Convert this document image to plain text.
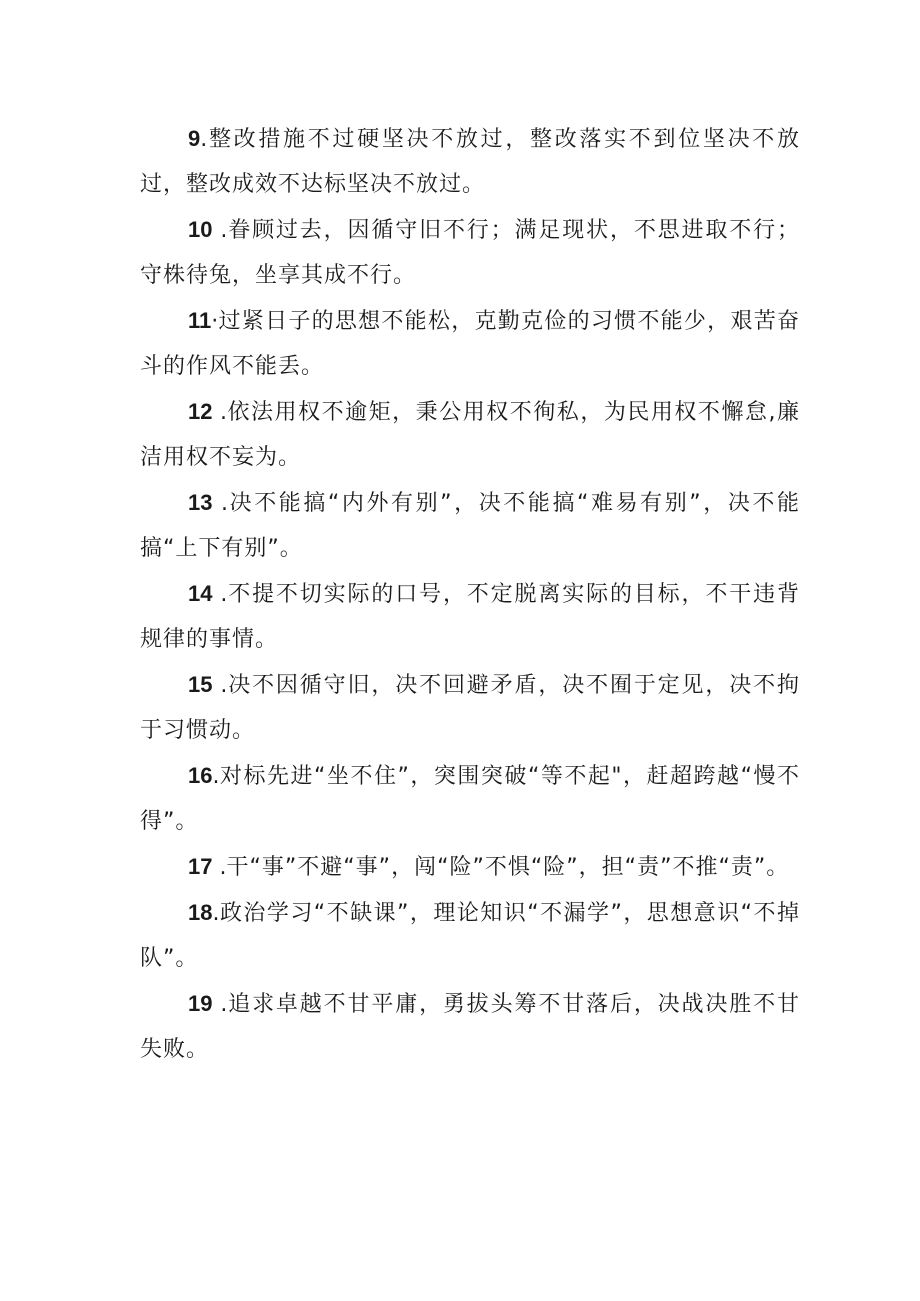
9.整改措施不过硬坚决不放过，整改落实不到位坚决不放过，整改成效不达标坚决不放过。

10 .眷顾过去，因循守旧不行；满足现状，不思进取不行；守株待兔，坐享其成不行。

11·过紧日子的思想不能松，克勤克俭的习惯不能少，艰苦奋斗的作风不能丢。

12 .依法用权不逾矩，秉公用权不徇私，为民用权不懈怠,廉洁用权不妄为。

13 .决不能搞“内外有别”，决不能搞“难易有别”，决不能搞“上下有别”。

14 .不提不切实际的口号，不定脱离实际的目标，不干违背规律的事情。

15 .决不因循守旧，决不回避矛盾，决不囿于定见，决不拘于习惯动。

16.对标先进“坐不住”，突围突破“等不起"，赶超跨越“慢不得”。

17 .干“事”不避“事”，闯“险”不惧“险”，担“责”不推“责”。

18.政治学习“不缺课”，理论知识“不漏学”，思想意识“不掉队”。

19 .追求卓越不甘平庸，勇拔头筹不甘落后，决战决胜不甘失败。
